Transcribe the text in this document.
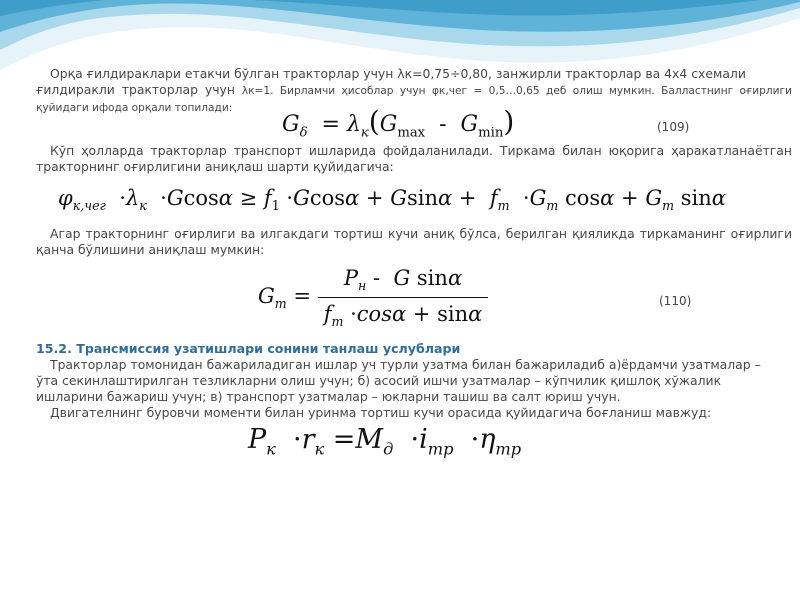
Орқа ғилдираклари етакчи бўлган тракторлар учун λк=0,75÷0,80, занжирли тракторлар ва 4х4 схемали
ғилдиракли тракторлар учун λк=1. Бирламчи ҳисоблар учун φк,чег = 0,5…0,65 деб олиш мумкин. Балластнинг оғирлиги қуйидаги ифода орқали топилади:
$G_\delta = \lambda_к(G_{max} - G_{min})$	(109)
Кўп ҳолларда тракторлар транспорт ишларида фойдаланилади. Тиркама билан юқорига ҳаракатланаётган тракторнинг оғирлигини аниқлаш шарти қуйидагича:
$\varphi_{к,чег} \cdot\lambda_к \cdot Gcos\alpha \ge f_1 \cdot Gcos\alpha + Gsin\alpha + f_m \cdot G_m$ $\cos\alpha + G_m$ sinα
Агар тракторнинг оғирлиги ва илгакдаги тортиш кучи аниқ бўлса, берилган қияликда тиркаманинг оғирлиги қанча бўлишини аниқлаш мумкин:
$G_m = \frac{P_н - G \sin\alpha}{f_m \cdot\cos\alpha + \sin\alpha}$	(110)
15.2. Трансмиссия узатишлари сонини танлаш услублари
Тракторлар томонидан бажариладиган ишлар уч турли узатма билан бажариладиб а)ёрдамчи узатмалар –
ўта секинлаштирилган тезликларни олиш учун; б) асосий ишчи узатмалар – кўпчилик қишлоқ хўжалик
ишларини бажариш учун; в) транспорт узатмалар – юкларни ташиш ва салт юриш учун.
Двигателнинг буровчи моменти билан уринма тортиш кучи орасида қуйидагича боғланиш мавжуд:
$P_к \cdot r_к =M_д \cdot i_{тр} \cdot\eta_{тр}$
